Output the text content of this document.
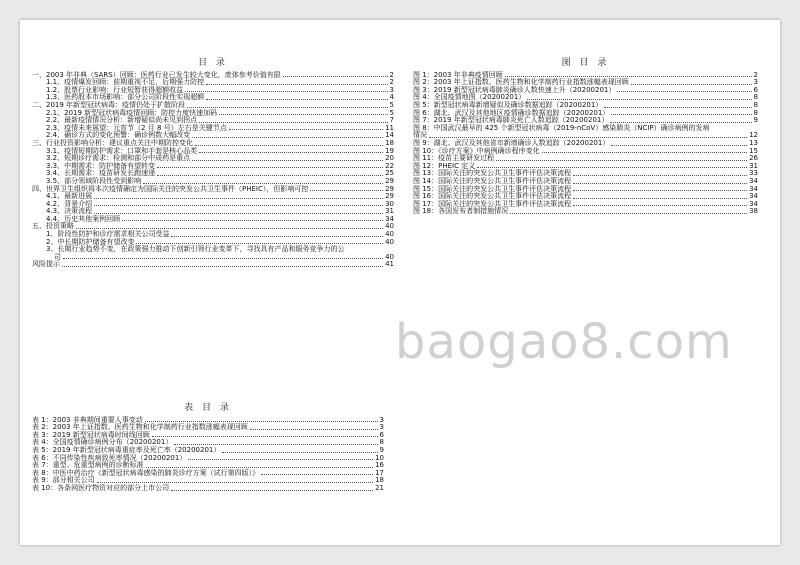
目 录
一、2003 年非典（SARS）回顾：医药行业已发生较大变化，废体参考价值有限	2
1.1、疫情爆发回顾：前期重视不足，后期强力防控	2
1.2、股票行业影响：行业短暂获得超额收益	3
1.3、医药股本市场影响：部分公司阶段性实现超额	4
二、2019 年新型冠状病毒：疫情仍处于扩散阶段	5
2.1、2019 新型冠状病毒疫情回顾：防控力度快速加码	5
2.2、最新疫情情况分析：新增疑似尚未见到拐点	7
2.3、疫情未来展望：元宵节（2 月 8 号）左右是关键节点	11
2.4、确诊方式的变化预警：确诊例数大幅改变	14
三、行业投资影响分析：建议重点关注中期防控变化	18
3.1、疫情短期防护需求：口罩和手套是核心品类	19
3.2、短期诊疗需求：检测和部分中成药是重点	20
3.3、中期需求：防护储备有望转变	22
3.4、长期需求：疫苗研发长跑速递	25
3.5、部分领域阶段性受到影响	29
四、世界卫生组织将本次疫情确定为国际关注的突发公共卫生事件（PHEIC），但影响可控	29
4.1、最新进展	29
4.2、背景介绍	30
4.3、决策流程	31
4.4、历史其他案例回顾	34
五、投资策略	40
1、阶段性防护和诊疗需求相关公司受益	40
2、中长期防护储备有望改变	40
3、长期行业趋势不变，在政策强力推动下创新引领行业变革下，寻找具有产品和服务竞争力的公
司	40
风险提示	41
图 目 录
图 1：2003 年非典疫情回顾	2
图 2：2003 年上证指数、医药生物和化学制药行业指数涨幅表现回顾	3
图 3：2019 新型冠状病毒肺炎确诊人数快速上升（20200201）	6
图 4：全国疫情地图（20200201）	8
图 5：新型冠状病毒新增疑似及确诊数据追踪（20200201）	8
图 6：湖北、武汉及其他地区疫情确诊数据追踪（20200201）	8
图 7：2019 年新型冠状病毒肺炎死亡人数追踪（20200201）	9
图 8：中国武汉最早的 425 个新型冠状病毒（2019-nCoV）感染肺炎（NCIP）确诊病例的发病
情况	12
图 9：湖北、武汉及其他省市新增确诊人数追踪（20200201）	13
图 10：《诊疗方案》中病例确诊程序变化	15
图 11：疫苗主要研发过程	26
图 12：PHEIC 定义	31
图 13：国际关注的突发公共卫生事件评估决策流程	33
图 14：国际关注的突发公共卫生事件评估决策流程	34
图 15：国际关注的突发公共卫生事件评估决策流程	34
图 16：国际关注的突发公共卫生事件评估决策流程	34
图 17：国际关注的突发公共卫生事件评估决策流程	34
图 18：各国发布者制措施情况	38
表 目 录
表 1：2003 非典期间重要人事变动	3
表 2：2003 年上证指数、医药生物和化学制药行业指数涨幅表现回顾	3
表 3：2019 新型冠状病毒时间线回顾	6
表 4：全国疫情确诊病例分布（20200201）	8
表 5：2019 年新型冠状病毒重症率及死亡率（20200201）	9
表 6：不同传染性疾病致死率情况（20200201）	10
表 7：重型、危重型病例的诊断标准	16
表 8：中医中药治疗《新型冠状病毒感染的肺炎诊疗方案（试行第四版）》	17
表 9：部分相关公司	18
表 10：各条网医疗物资对应的部分上市公司	21
baogao8.com
